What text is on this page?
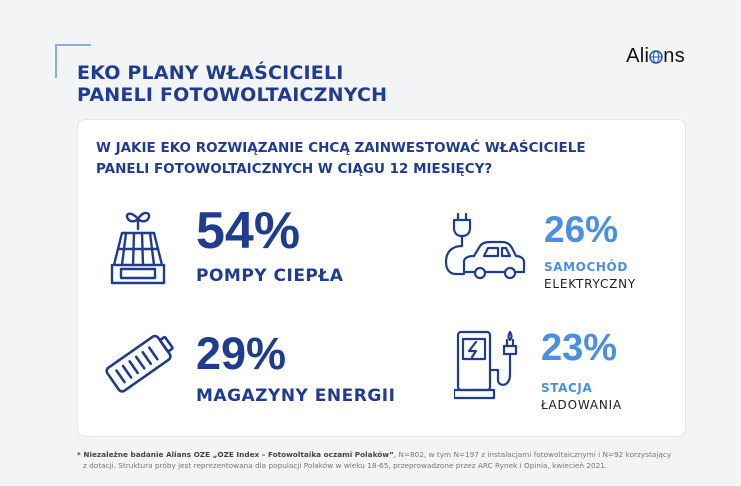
EKO PLANY WŁAŚCICIELI
PANELI FOTOWOLTAICZNYCH
Ali ns
W JAKIE EKO ROZWIĄZANIE CHCĄ ZAINWESTOWAĆ WŁAŚCICIELE
PANELI FOTOWOLTAICZNYCH W CIĄGU 12 MIESIĘCY?
54%
POMPY CIEPŁA
26%
SAMOCHÓD
ELEKTRYCZNY
29%
MAGAZYNY ENERGII
23%
STACJA
ŁADOWANIA
* Niezależne badanie Alians OZE „OZE Index – Fotowoltaika oczami Polaków”, N=802, w tym N=197 z instalacjami fotowoltaicznymi i N=92 korzystający
z dotacji. Struktura próby jest reprezentowana dla populacji Polaków w wieku 18-65, przeprowadzone przez ARC Rynek i Opinia, kwiecień 2021.
